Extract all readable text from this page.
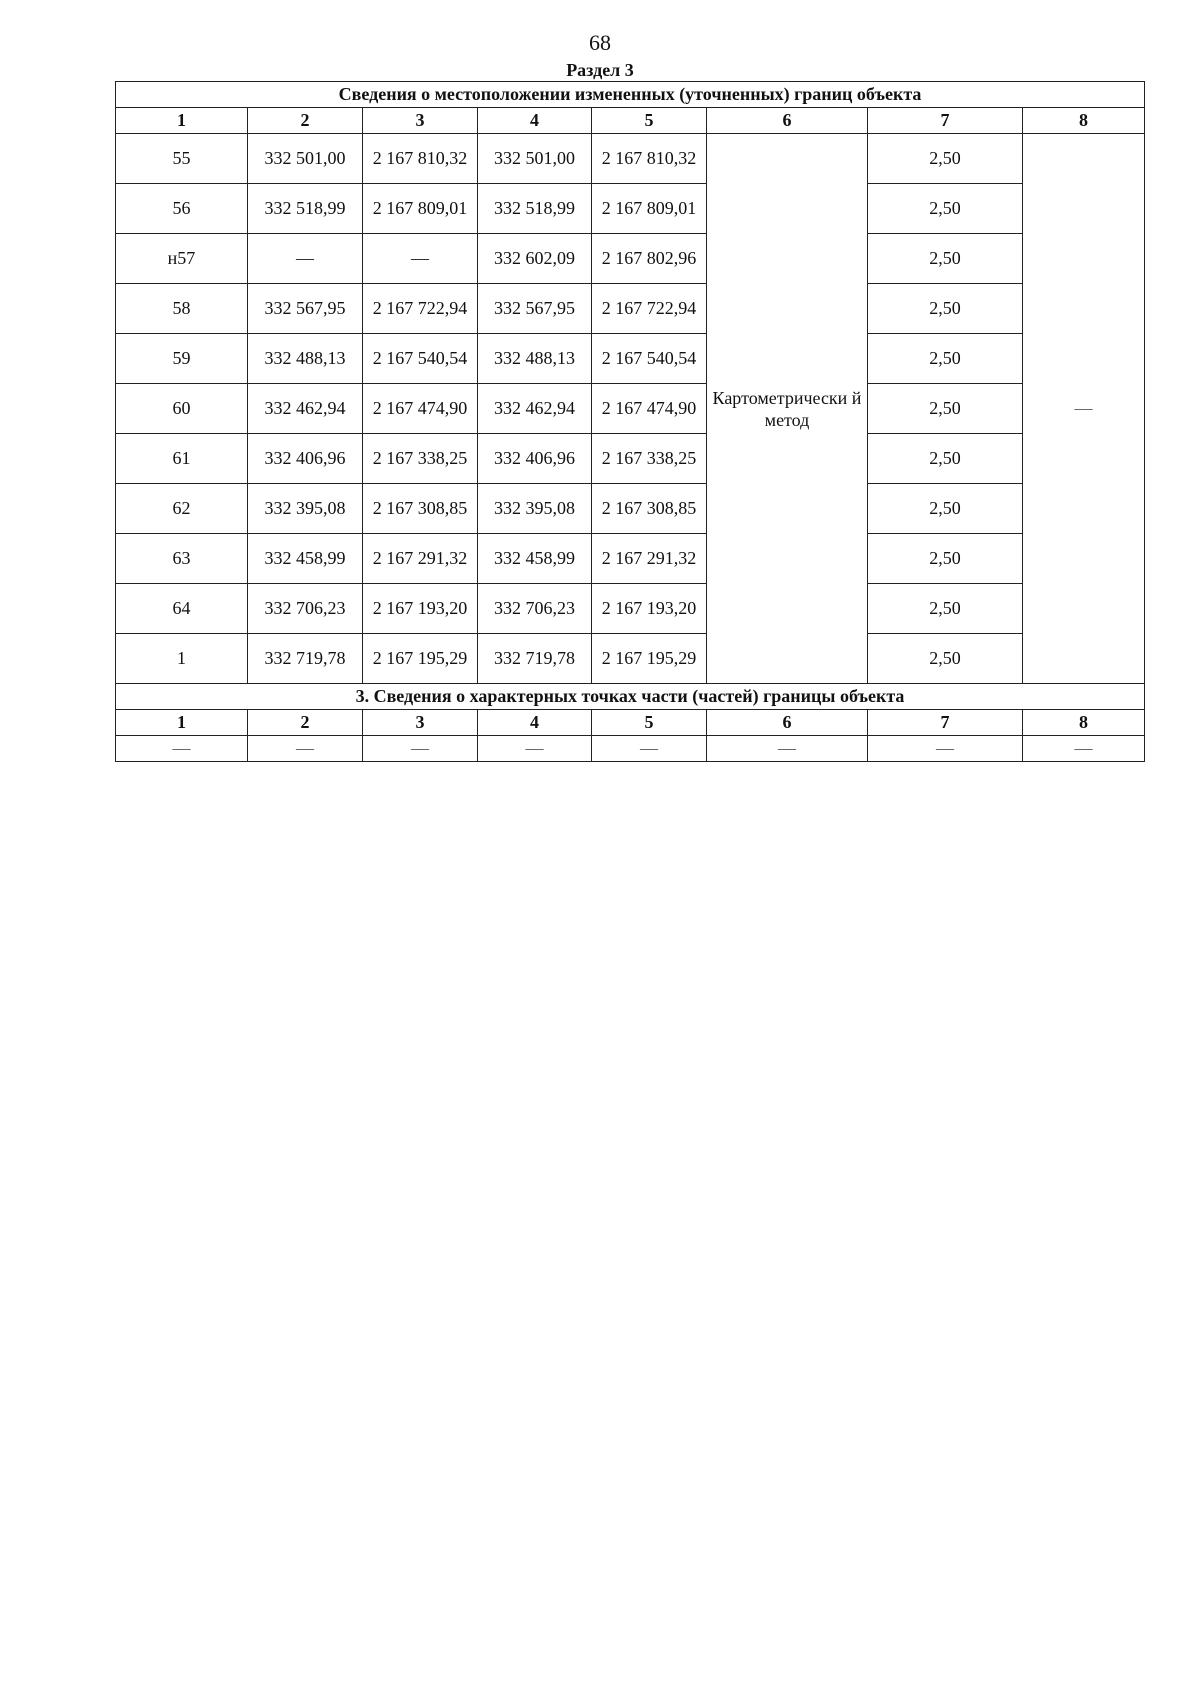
68
Раздел 3
Сведения о местоположении измененных (уточненных) границ объекта							
1	2	3	4	5	6	7	8
55	332 501,00	2 167 810,32	332 501,00	2 167 810,32	Картометрически й метод	2,50	—
56	332 518,99	2 167 809,01	332 518,99	2 167 809,01		2,50	
н57	—	—	332 602,09	2 167 802,96		2,50	
58	332 567,95	2 167 722,94	332 567,95	2 167 722,94		2,50	
59	332 488,13	2 167 540,54	332 488,13	2 167 540,54		2,50	
60	332 462,94	2 167 474,90	332 462,94	2 167 474,90		2,50	
61	332 406,96	2 167 338,25	332 406,96	2 167 338,25		2,50	
62	332 395,08	2 167 308,85	332 395,08	2 167 308,85		2,50	
63	332 458,99	2 167 291,32	332 458,99	2 167 291,32		2,50	
64	332 706,23	2 167 193,20	332 706,23	2 167 193,20		2,50	
1	332 719,78	2 167 195,29	332 719,78	2 167 195,29		2,50	
3. Сведения о характерных точках части (частей) границы объекта							
1	2	3	4	5	6	7	8
—	—	—	—	—	—	—	—
